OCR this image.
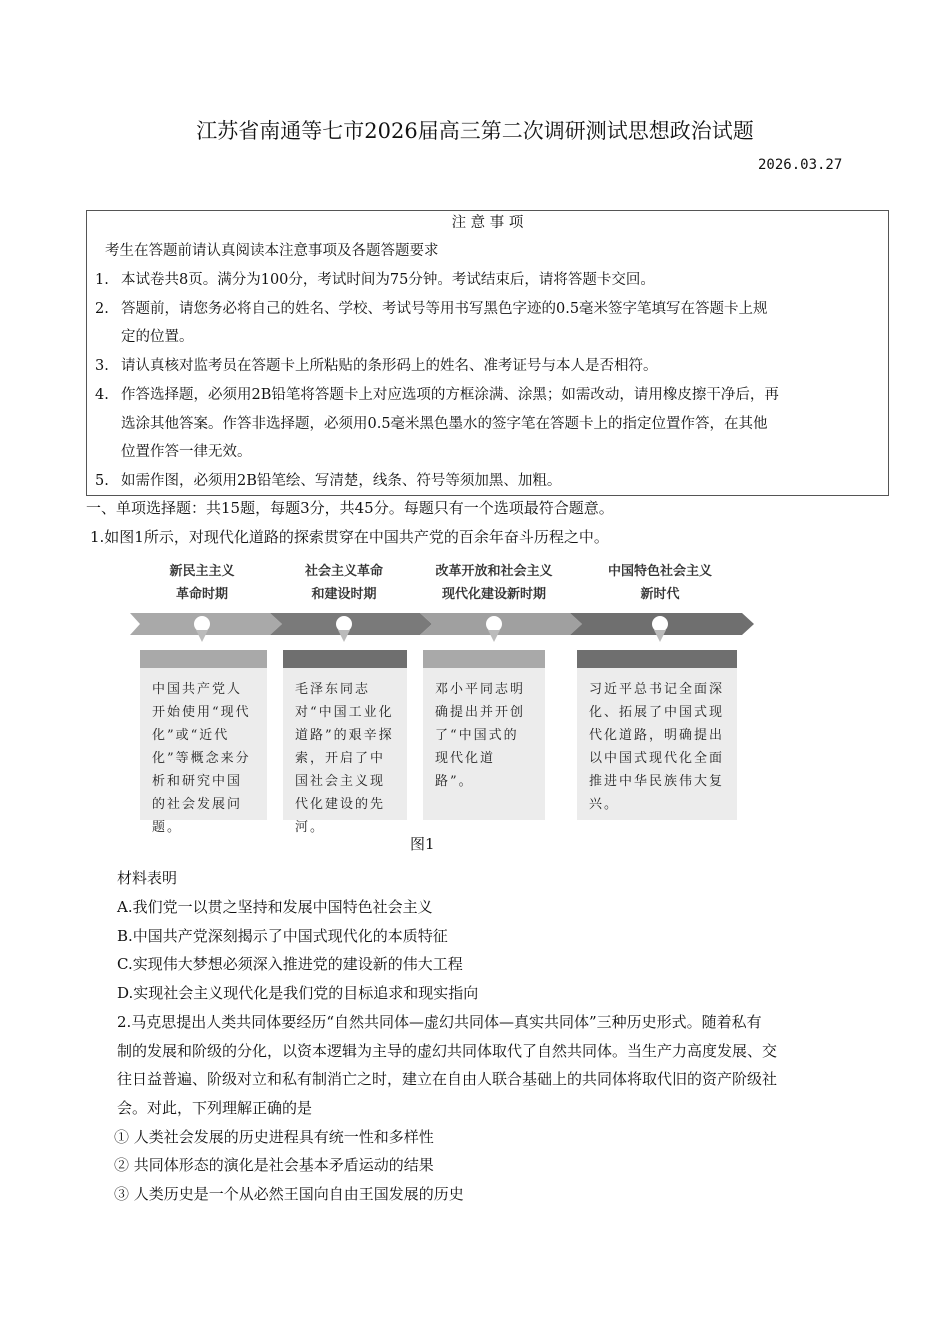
江苏省南通等七市2026届高三第二次调研测试思想政治试题
2026.03.27
注 意 事 项
考生在答题前请认真阅读本注意事项及各题答题要求
1. 本试卷共8页。满分为100分，考试时间为75分钟。考试结束后，请将答题卡交回。
2. 答题前，请您务必将自己的姓名、学校、考试号等用书写黑色字迹的0.5毫米签字笔填写在答题卡上规
定的位置。
3. 请认真核对监考员在答题卡上所粘贴的条形码上的姓名、准考证号与本人是否相符。
4. 作答选择题，必须用2B铅笔将答题卡上对应选项的方框涂满、涂黑；如需改动，请用橡皮擦干净后，再
选涂其他答案。作答非选择题，必须用0.5毫米黑色墨水的签字笔在答题卡上的指定位置作答，在其他
位置作答一律无效。
5. 如需作图，必须用2B铅笔绘、写清楚，线条、符号等须加黑、加粗。
一、单项选择题：共15题，每题3分，共45分。每题只有一个选项最符合题意。
1.如图1所示，对现代化道路的探索贯穿在中国共产党的百余年奋斗历程之中。
新民主主义
革命时期
中国共产党人开始使用“现代化”或“近代化”等概念来分析和研究中国的社会发展问题。
社会主义革命
和建设时期
毛泽东同志对“中国工业化道路”的艰辛探索，开启了中国社会主义现代化建设的先河。
改革开放和社会主义
现代化建设新时期
邓小平同志明确提出并开创了“中国式的现代化道路”。
中国特色社会主义
新时代
习近平总书记全面深化、拓展了中国式现代化道路，明确提出以中国式现代化全面推进中华民族伟大复兴。
图1
材料表明
A.我们党一以贯之坚持和发展中国特色社会主义
B.中国共产党深刻揭示了中国式现代化的本质特征
C.实现伟大梦想必须深入推进党的建设新的伟大工程
D.实现社会主义现代化是我们党的目标追求和现实指向
2.马克思提出人类共同体要经历“自然共同体—虚幻共同体—真实共同体”三种历史形式。随着私有
制的发展和阶级的分化，以资本逻辑为主导的虚幻共同体取代了自然共同体。当生产力高度发展、交
往日益普遍、阶级对立和私有制消亡之时，建立在自由人联合基础上的共同体将取代旧的资产阶级社
会。对此，下列理解正确的是
① 人类社会发展的历史进程具有统一性和多样性
② 共同体形态的演化是社会基本矛盾运动的结果
③ 人类历史是一个从必然王国向自由王国发展的历史
